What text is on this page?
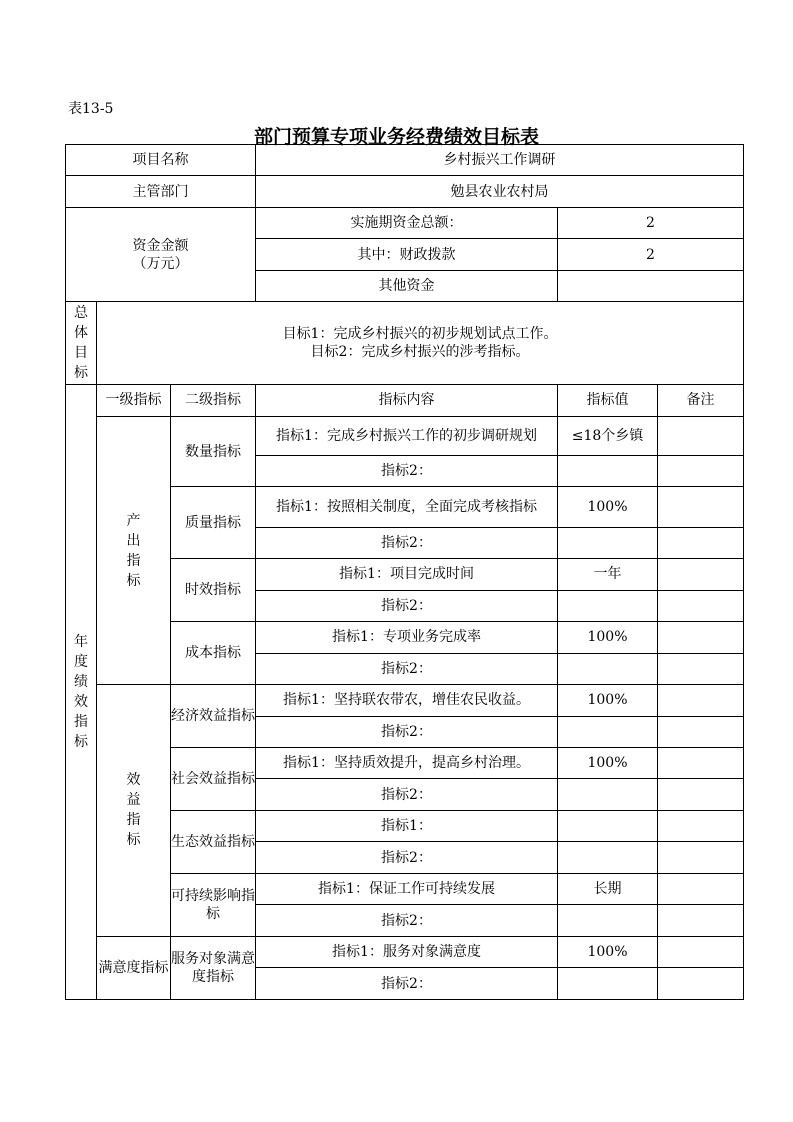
表13-5
部门预算专项业务经费绩效目标表
项目名称			乡村振兴工作调研		
主管部门			勉县农业农村局		

资金金额
（万元）			实施期资金总额：	2	
			其中：财政拨款	2	
			其他资金		
总体目标	目标1：完成乡村振兴的初步规划试点工作。
目标2：完成乡村振兴的涉考指标。				

年度绩效指标	一级指标	二级指标	指标内容	指标值	备注
	产出指标	数量指标	指标1：完成乡村振兴工作的初步调研规划	≤18个乡镇	
			指标2：		
		质量指标	指标1：按照相关制度，全面完成考核指标	100%	
			指标2：		
		时效指标	指标1：项目完成时间	一年	
			指标2：		
		成本指标	指标1：专项业务完成率	100%	
			指标2：		
	效益指标	经济效益指标	指标1：坚持联农带农，增佳农民收益。	100%	
			指标2：		
		社会效益指标	指标1：坚持质效提升，提高乡村治理。	100%	
			指标2：		
		生态效益指标	指标1：		
			指标2：		
		可持续影响指标	指标1：保证工作可持续发展	长期	
			指标2：		
	满意度指标	服务对象满意度指标	指标1：服务对象满意度	100%	
			指标2：		
